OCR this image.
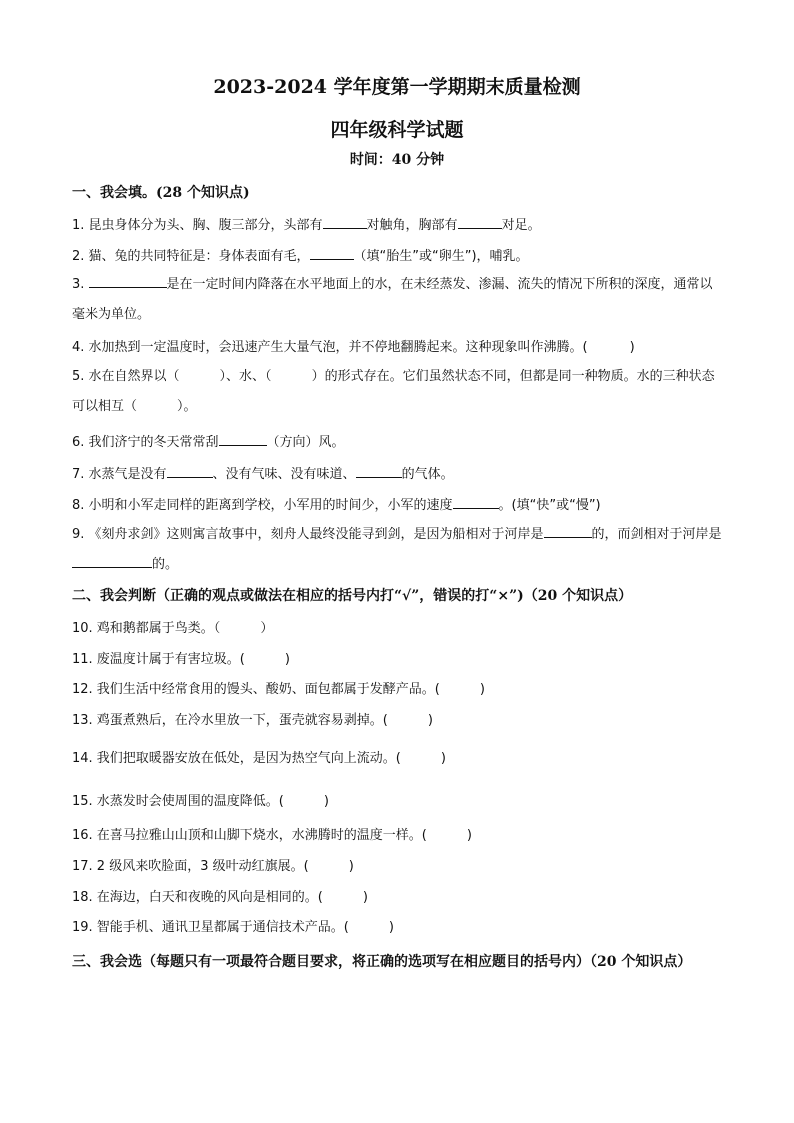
2023-2024 学年度第一学期期末质量检测
四年级科学试题
时间：40 分钟
一、我会填。(28 个知识点)
1. 昆虫身体分为头、胸、腹三部分，头部有	对触角，胸部有	对足。
2. 猫、兔的共同特征是：身体表面有毛，	（填“胎生”或“卵生”)，哺乳。
3.	是在一定时间内降落在水平地面上的水，在未经蒸发、渗漏、流失的情况下所积的深度，通常以毫米为单位。
4. 水加热到一定温度时，会迅速产生大量气泡，并不停地翻腾起来。这种现象叫作沸腾。(	)
5. 水在自然界以（	）、水、（	）的形式存在。它们虽然状态不同，但都是同一种物质。水的三种状态可以相互（	）。
6. 我们济宁的冬天常常刮	（方向）风。
7. 水蒸气是没有	、没有气味、没有味道、	的气体。
8. 小明和小军走同样的距离到学校，小军用的时间少，小军的速度	。(填“快”或“慢”)
9. 《刻舟求剑》这则寓言故事中，刻舟人最终没能寻到剑，是因为船相对于河岸是	的，而剑相对于河岸是的。
二、我会判断（正确的观点或做法在相应的括号内打“√”，错误的打“×”)（20 个知识点）
10. 鸡和鹅都属于鸟类。（	）
11. 废温度计属于有害垃圾。(	)
12. 我们生活中经常食用的馒头、酸奶、面包都属于发酵产品。(	)
13. 鸡蛋煮熟后，在冷水里放一下，蛋壳就容易剥掉。(	)
14. 我们把取暖器安放在低处，是因为热空气向上流动。(	)
15. 水蒸发时会使周围的温度降低。(	)
16. 在喜马拉雅山山顶和山脚下烧水，水沸腾时的温度一样。(	)
17. 2 级风来吹脸面，3 级叶动红旗展。(	)
18. 在海边，白天和夜晚的风向是相同的。(	)
19. 智能手机、通讯卫星都属于通信技术产品。(	)
三、我会选（每题只有一项最符合题目要求，将正确的选项写在相应题目的括号内）（20 个知识点）
